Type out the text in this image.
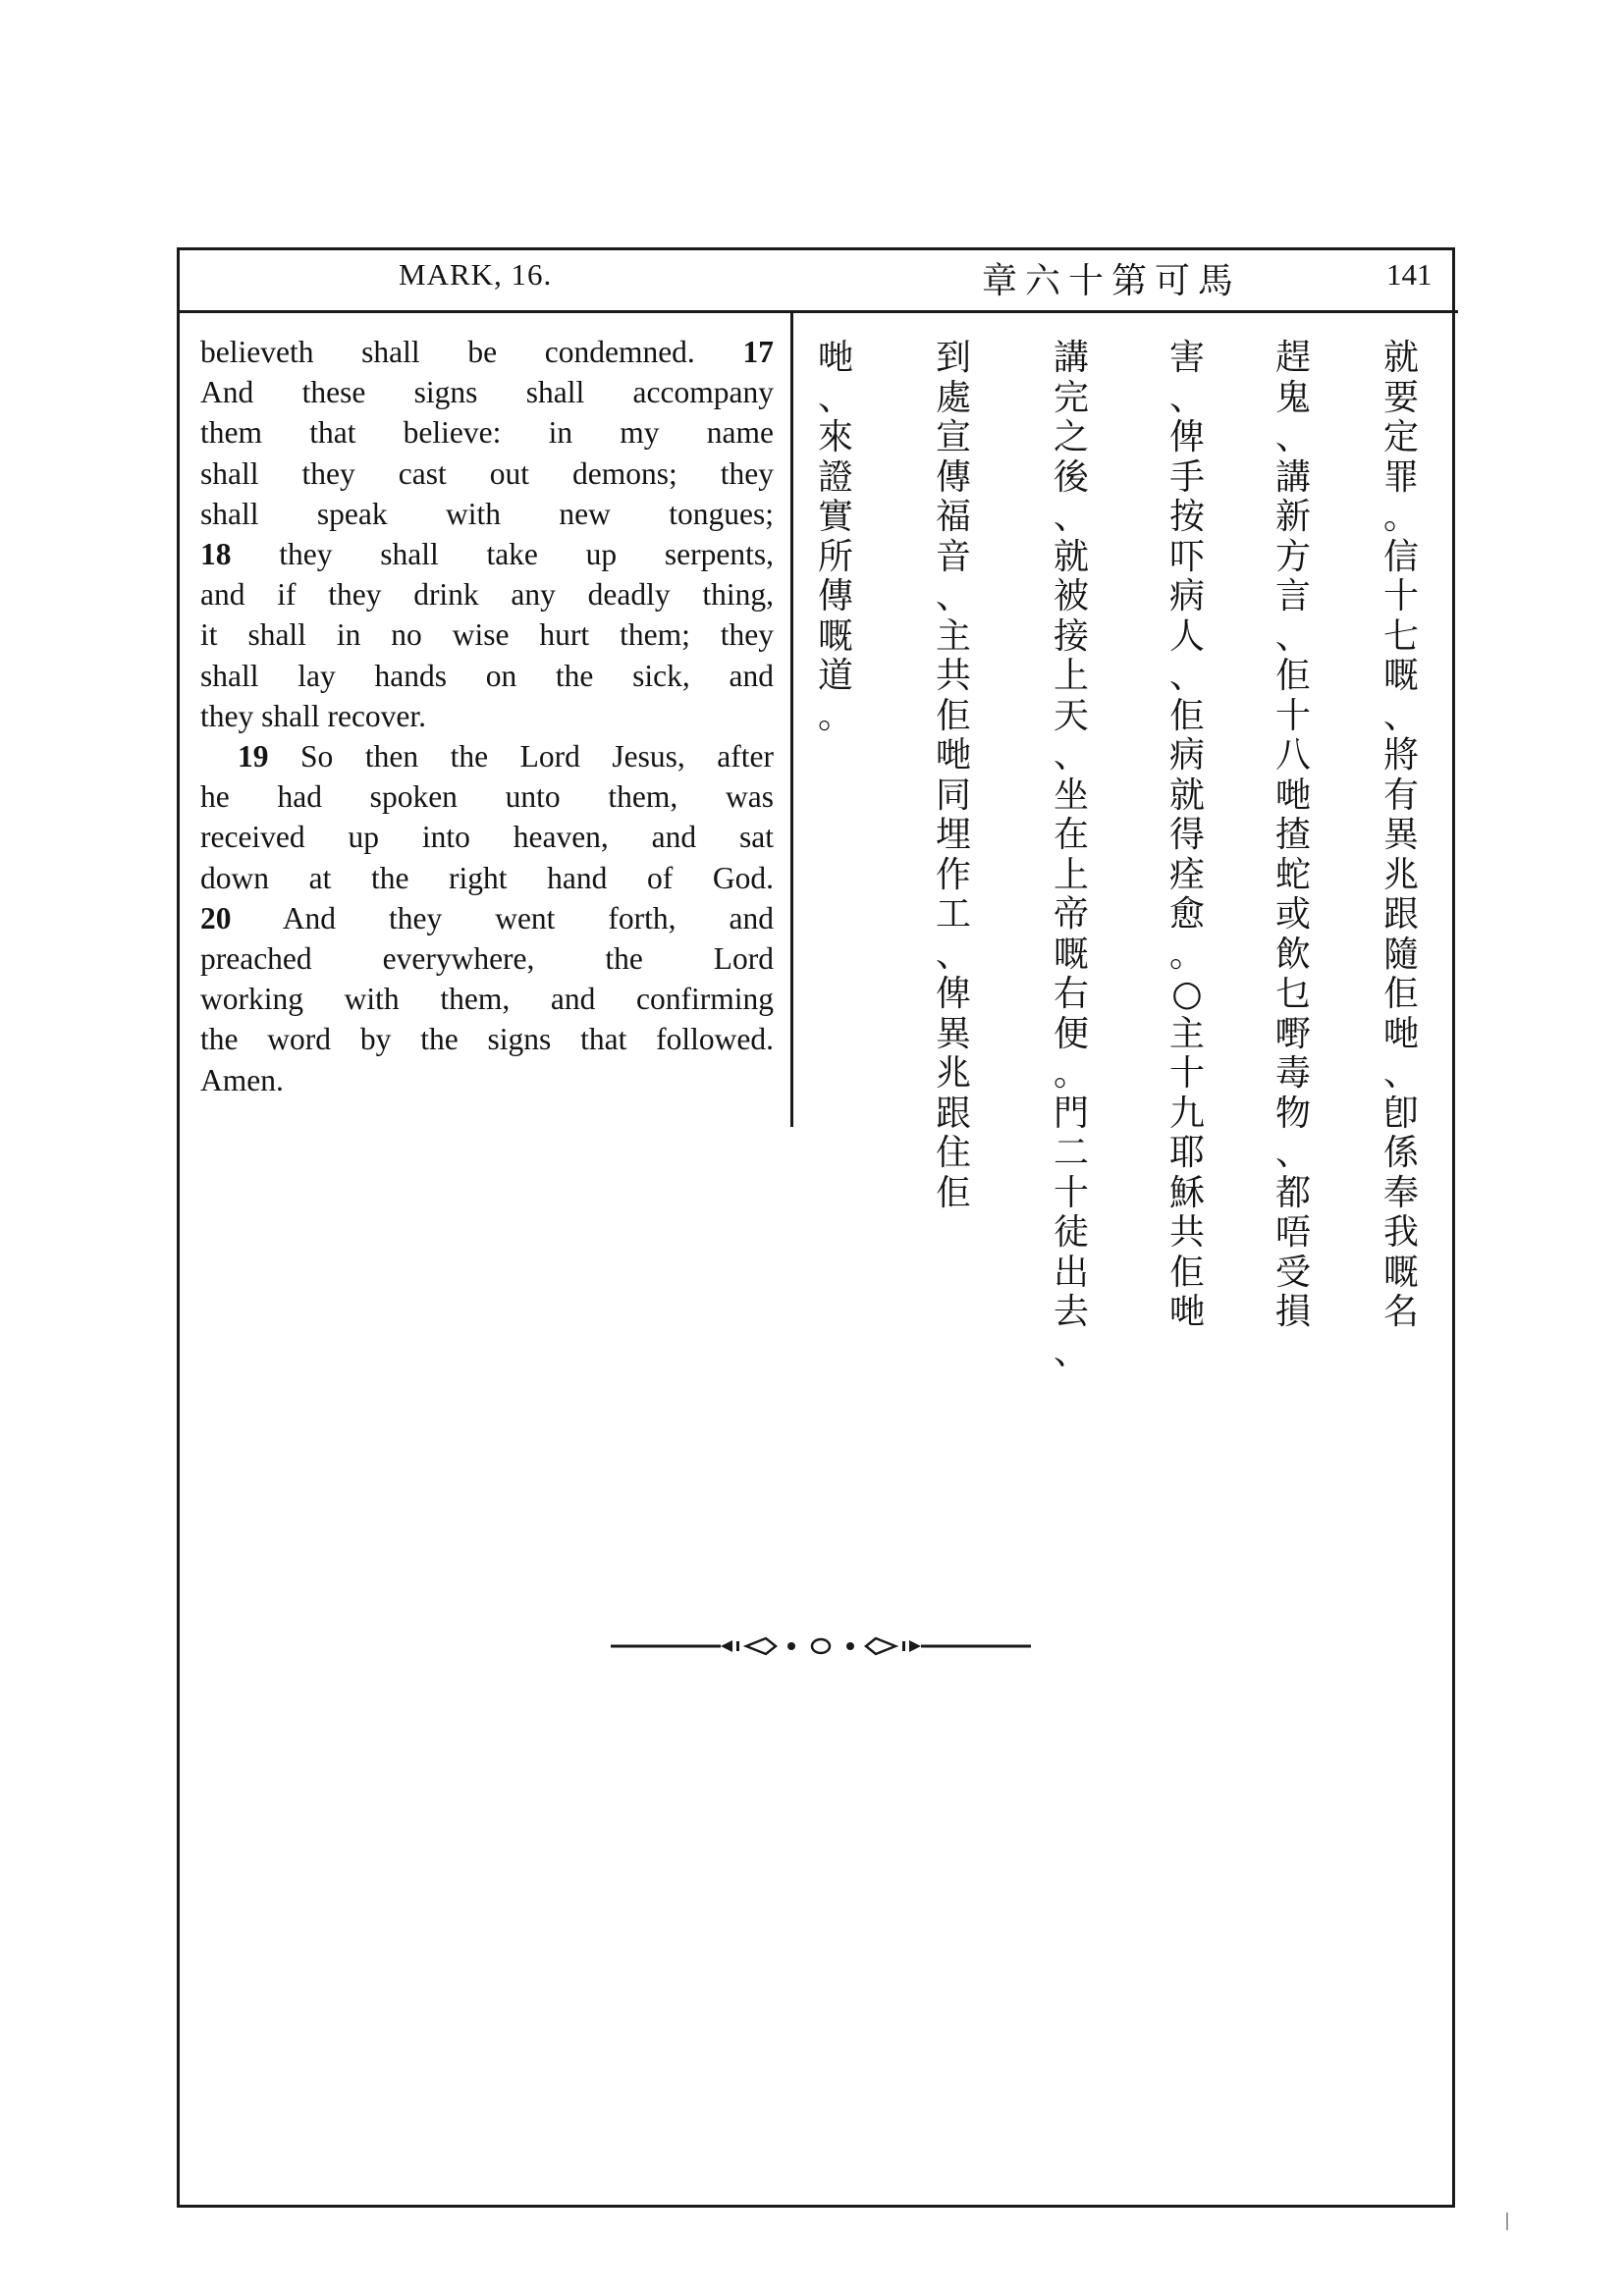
MARK, 16.	章六十第可馬	141
believeth shall be condemned. 17
And these signs shall accompany
them that believe: in my name
shall they cast out demons; they
shall speak with new tongues;
18 they shall take up serpents,
and if they drink any deadly thing,
it shall in no wise hurt them; they
shall lay hands on the sick, and
they shall recover.
19 So then the Lord Jesus, after
he had spoken unto them, was
received up into heaven, and sat
down at the right hand of God.
20 And they went forth, and
preached everywhere, the Lord
working with them, and confirming
the word by the signs that followed.
Amen.
就
要
定
罪
。
信
十
七
嘅
、
將
有
異
兆
跟
隨
佢
哋
、
卽
係
奉
我
嘅
名
趕
鬼
、
講
新
方
言
、
佢
十
八
哋
揸
蛇
或
飲
乜
嘢
毒
物
、
都
唔
受
損
害
、
俾
手
按
吓
病
人
、
佢
病
就
得
痊
愈
。
○
主
十
九
耶
穌
共
佢
哋
講
完
之
後
、
就
被
接
上
天
、
坐
在
上
帝
嘅
右
便
。
門
二
十
徒
出
去
、
到
處
宣
傳
福
音
、
主
共
佢
哋
同
埋
作
工
、
俾
異
兆
跟
住
佢
哋
、
來
證
實
所
傳
嘅
道
。
